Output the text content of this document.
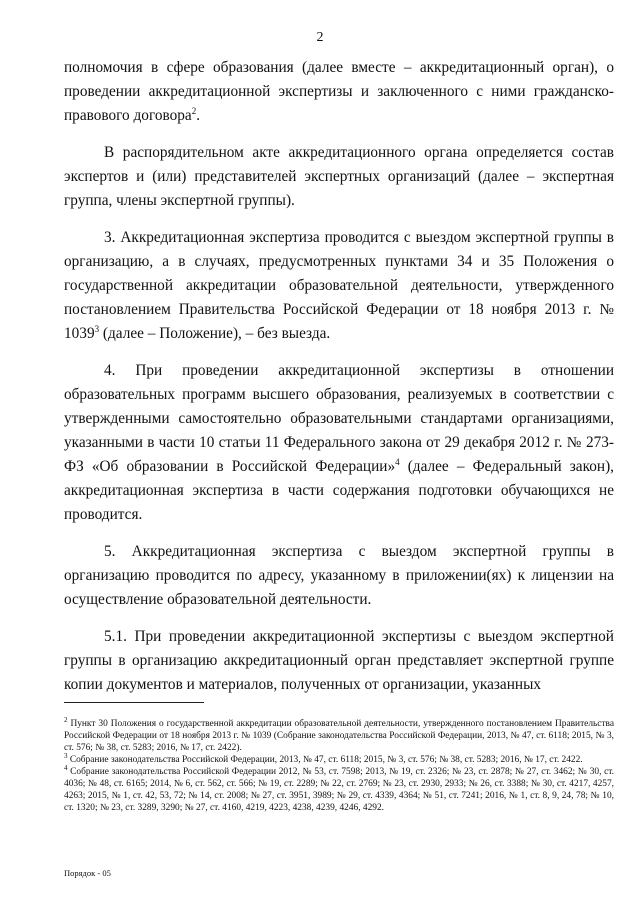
2

полномочия в сфере образования (далее вместе – аккредитационный орган), о проведении аккредитационной экспертизы и заключенного с ними гражданско-правового договора$^2$.

В распорядительном акте аккредитационного органа определяется состав экспертов и (или) представителей экспертных организаций (далее – экспертная группа, члены экспертной группы).

3. Аккредитационная экспертиза проводится с выездом экспертной группы в организацию, а в случаях, предусмотренных пунктами 34 и 35 Положения о государственной аккредитации образовательной деятельности, утвержденного постановлением Правительства Российской Федерации от 18 ноября 2013 г. № 1039$^3$ (далее – Положение), – без выезда.

4. При проведении аккредитационной экспертизы в отношении образовательных программ высшего образования, реализуемых в соответствии с утвержденными самостоятельно образовательными стандартами организациями, указанными в части 10 статьи 11 Федерального закона от 29 декабря 2012 г. № 273-ФЗ «Об образовании в Российской Федерации»$^4$ (далее – Федеральный закон), аккредитационная экспертиза в части содержания подготовки обучающихся не проводится.

5. Аккредитационная экспертиза с выездом экспертной группы в организацию проводится по адресу, указанному в приложении(ях) к лицензии на осуществление образовательной деятельности.

5.1. При проведении аккредитационной экспертизы с выездом экспертной группы в организацию аккредитационный орган представляет экспертной группе копии документов и материалов, полученных от организации, указанных

$^2$ Пункт 30 Положения о государственной аккредитации образовательной деятельности, утвержденного постановлением Правительства Российской Федерации от 18 ноября 2013 г. № 1039 (Собрание законодательства Российской Федерации, 2013, № 47, ст. 6118; 2015, № 3, ст. 576; № 38, ст. 5283; 2016, № 17, ст. 2422).

$^3$ Собрание законодательства Российской Федерации, 2013, № 47, ст. 6118; 2015, № 3, ст. 576; № 38, ст. 5283; 2016, № 17, ст. 2422.

$^4$ Собрание законодательства Российской Федерации 2012, № 53, ст. 7598; 2013, № 19, ст. 2326; № 23, ст. 2878; № 27, ст. 3462; № 30, ст. 4036; № 48, ст. 6165; 2014, № 6, ст. 562, ст. 566; № 19, ст. 2289; № 22, ст. 2769; № 23, ст. 2930, 2933; № 26, ст. 3388; № 30, ст. 4217, 4257, 4263; 2015, № 1, ст. 42, 53, 72; № 14, ст. 2008; № 27, ст. 3951, 3989; № 29, ст. 4339, 4364; № 51, ст. 7241; 2016, № 1, ст. 8, 9, 24, 78; № 10, ст. 1320; № 23, ст. 3289, 3290; № 27, ст. 4160, 4219, 4223, 4238, 4239, 4246, 4292.

Порядок - 05
